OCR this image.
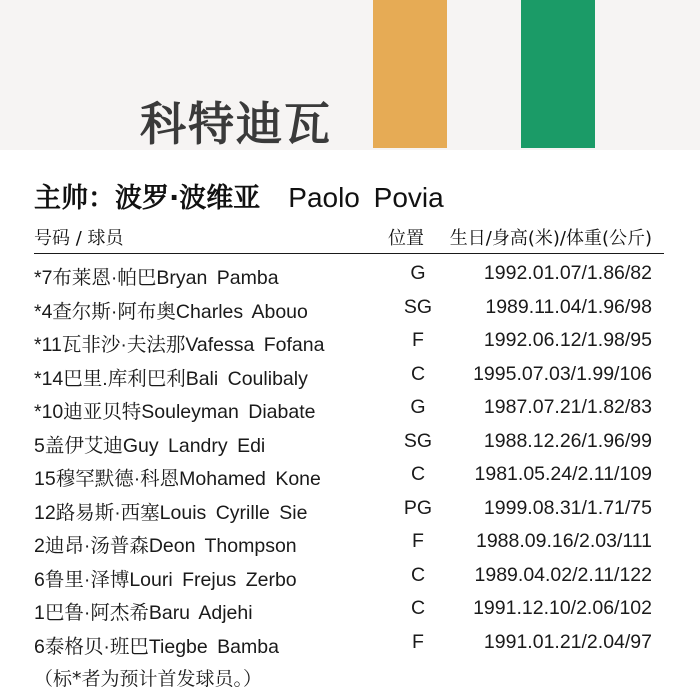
科特迪瓦
主帅：波罗·波维亚 Paolo Povia
号码 / 球员	位置 生日/身高(米)/体重(公斤)
*7布莱恩·帕巴Bryan Pamba	G	1992.01.07/1.86/82
*4查尔斯·阿布奥Charles Abouo	SG	1989.11.04/1.96/98
*11瓦非沙·夫法那Vafessa Fofana	F	1992.06.12/1.98/95
*14巴里.库利巴利Bali Coulibaly	C	1995.07.03/1.99/106
*10迪亚贝特Souleyman Diabate	G	1987.07.21/1.82/83
5盖伊艾迪Guy Landry Edi	SG	1988.12.26/1.96/99
15穆罕默德·科恩Mohamed Kone	C	1981.05.24/2.11/109
12路易斯·西塞Louis Cyrille Sie	PG	1999.08.31/1.71/75
2迪昂·汤普森Deon Thompson	F	1988.09.16/2.03/111
6鲁里·泽博Louri Frejus Zerbo	C	1989.04.02/2.11/122
1巴鲁·阿杰希Baru Adjehi	C	1991.12.10/2.06/102
6泰格贝·班巴Tiegbe Bamba	F	1991.01.21/2.04/97
（标*者为预计首发球员。）
